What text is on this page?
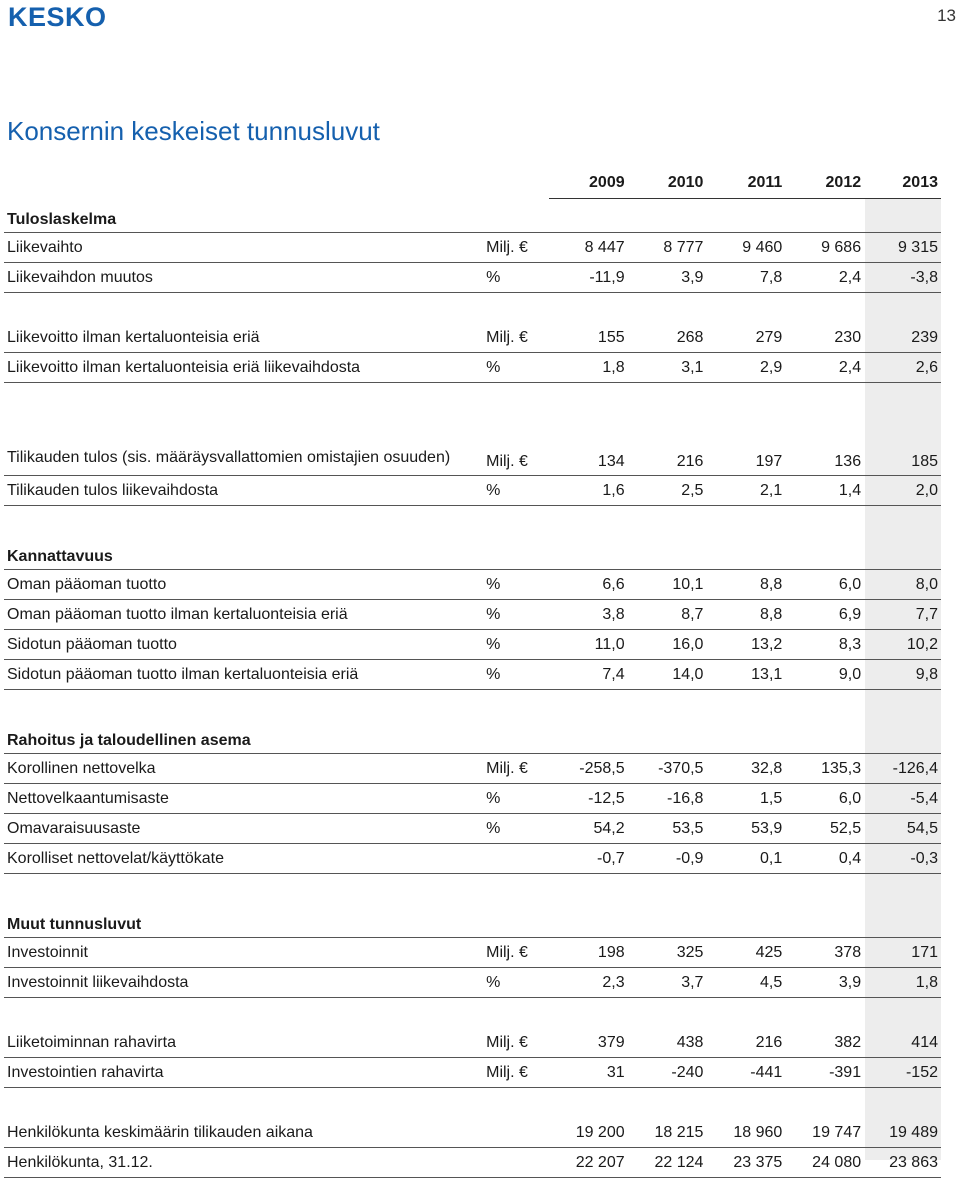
KESKO	13
Konsernin keskeiset tunnusluvut
		2009	2010	2011	2012	2013
Tuloslaskelma						
Liikevaihto	Milj. €	8 447	8 777	9 460	9 686	9 315
Liikevaihdon muutos	%	-11,9	3,9	7,8	2,4	-3,8

Liikevoitto ilman kertaluonteisia eriä	Milj. €	155	268	279	230	239
Liikevoitto ilman kertaluonteisia eriä liikevaihdosta	%	1,8	3,1	2,9	2,4	2,6

Tilikauden tulos (sis. määräysvallattomien omistajien osuuden)	Milj. €	134	216	197	136	185
Tilikauden tulos liikevaihdosta	%	1,6	2,5	2,1	1,4	2,0

Kannattavuus						
Oman pääoman tuotto	%	6,6	10,1	8,8	6,0	8,0
Oman pääoman tuotto ilman kertaluonteisia eriä	%	3,8	8,7	8,8	6,9	7,7
Sidotun pääoman tuotto	%	11,0	16,0	13,2	8,3	10,2
Sidotun pääoman tuotto ilman kertaluonteisia eriä	%	7,4	14,0	13,1	9,0	9,8

Rahoitus ja taloudellinen asema						
Korollinen nettovelka	Milj. €	-258,5	-370,5	32,8	135,3	-126,4
Nettovelkaantumisaste	%	-12,5	-16,8	1,5	6,0	-5,4
Omavaraisuusaste	%	54,2	53,5	53,9	52,5	54,5
Korolliset nettovelat/käyttökate		-0,7	-0,9	0,1	0,4	-0,3

Muut tunnusluvut						
Investoinnit	Milj. €	198	325	425	378	171
Investoinnit liikevaihdosta	%	2,3	3,7	4,5	3,9	1,8

Liiketoiminnan rahavirta	Milj. €	379	438	216	382	414
Investointien rahavirta	Milj. €	31	-240	-441	-391	-152

Henkilökunta keskimäärin tilikauden aikana		19 200	18 215	18 960	19 747	19 489
Henkilökunta, 31.12.		22 207	22 124	23 375	24 080	23 863
